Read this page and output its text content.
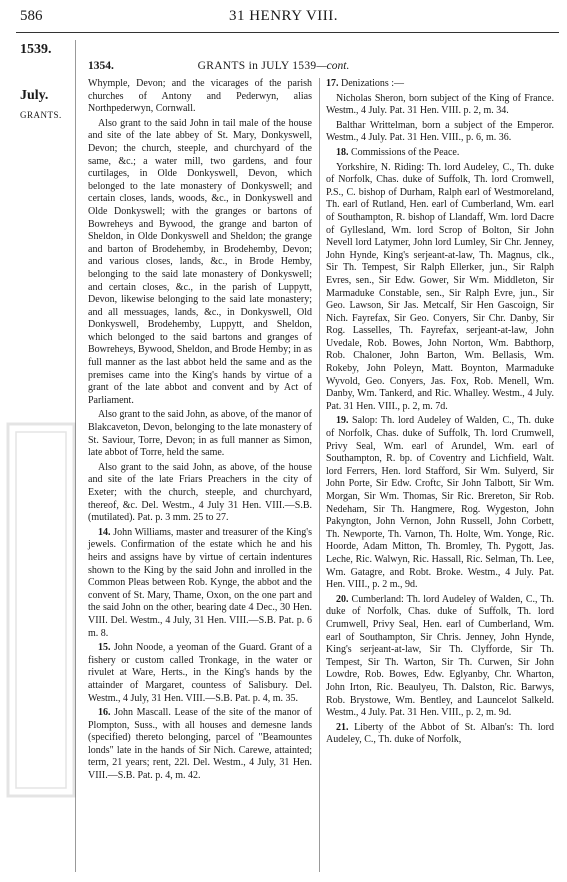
586	31 HENRY VIII.
1539.
July.
GRANTS.
1354.	GRANTS in JULY 1539—cont.

Whymple, Devon; and the vicarages of the parish churches of Antony and Pederwyn, alias Northpederwyn, Cornwall.

Also grant to the said John in tail male of the house and site of the late abbey of St. Mary, Donkyswell, Devon; the church, steeple, and churchyard of the same, &c.; a water mill, two gardens, and four curtilages, in Olde Donkyswell, Devon, which belonged to the late monastery of Donkyswell; and certain closes, lands, woods, &c., in Donkyswell and Olde Donkyswell; with the granges or bartons of Bowreheys and Bywood, the grange and barton of Sheldon, in Olde Donkyswell and Sheldon; the grange and barton of Brodehemby, in Brodehemby, Devon; and various closes, lands, &c., in Brode Hemby, belonging to the said late monastery of Donkyswell; and certain closes, &c., in the parish of Luppytt, Devon, likewise belonging to the said late monastery; and all messuages, lands, &c., in Donkyswell, Old Donkyswell, Brodehemby, Luppytt, and Sheldon, which belonged to the said bartons and granges of Bowreheys, Bywood, Sheldon, and Brode Hemby; in as full manner as the last abbot held the same and as the premises came into the King's hands by virtue of a grant of the late abbot and convent and by Act of Parliament.

Also grant to the said John, as above, of the manor of Blakcaveton, Devon, belonging to the late monastery of St. Saviour, Torre, Devon; in as full manner as Simon, late abbot of Torre, held the same.

Also grant to the said John, as above, of the house and site of the late Friars Preachers in the city of Exeter; with the church, steeple, and churchyard, thereof, &c. Del. Westm., 4 July 31 Hen. VIII.—S.B. (mutilated). Pat. p. 3 mm. 25 to 27.

14. John Williams, master and treasurer of the King's jewels. Confirmation of the estate which he and his heirs and assigns have by virtue of certain indentures shown to the King by the said John and inrolled in the Common Pleas between Rob. Kynge, the abbot and the convent of St. Mary, Thame, Oxon, on the one part and the said John on the other, bearing date 4 Dec., 30 Hen. VIII. Del. Westm., 4 July, 31 Hen. VIII.—S.B. Pat. p. 6 m. 8.

15. John Noode, a yeoman of the Guard. Grant of a fishery or custom called Tronkage, in the water or rivulet at Ware, Herts., in the King's hands by the attainder of Margaret, countess of Salisbury. Del. Westm., 4 July, 31 Hen. VIII.—S.B. Pat. p. 4, m. 35.

16. John Mascall. Lease of the site of the manor of Plompton, Suss., with all houses and demesne lands (specified) thereto belonging, parcel of "Beamountes londs" late in the hands of Sir Nich. Carewe, attainted; term, 21 years; rent, 22l. Del. Westm., 4 July, 31 Hen. VIII.—S.B. Pat. p. 4, m. 42.

17. Denizations :—

Nicholas Sheron, born subject of the King of France. Westm., 4 July. Pat. 31 Hen. VIII. p. 2, m. 34.

Balthar Writtelman, born a subject of the Emperor. Westm., 4 July. Pat. 31 Hen. VIII., p. 6, m. 36.

18. Commissions of the Peace.

Yorkshire, N. Riding: Th. lord Audeley, C., Th. duke of Norfolk, Chas. duke of Suffolk, Th. lord Cromwell, P.S., C. bishop of Durham, Ralph earl of Westmoreland, Th. earl of Rutland, Hen. earl of Cumberland, Wm. earl of Southampton, R. bishop of Llandaff, Wm. lord Dacre of Gyllesland, Wm. lord Scrop of Bolton, Sir John Nevell lord Latymer, John lord Lumley, Sir Chr. Jenney, John Hynde, King's serjeant-at-law, Th. Magnus, clk., Sir Th. Tempest, Sir Ralph Ellerker, jun., Sir Ralph Evres, sen., Sir Edw. Gower, Sir Wm. Middleton, Sir Marmaduke Constable, sen., Sir Ralph Evre, jun., Sir Geo. Lawson, Sir Jas. Metcalf, Sir Hen Gascoign, Sir Nich. Fayrefax, Sir Geo. Conyers, Sir Chr. Danby, Sir Rog. Lasselles, Th. Fayrefax, serjeant-at-law, John Uvedale, Rob. Bowes, John Norton, Wm. Babthorp, Rob. Chaloner, John Barton, Wm. Bellasis, Wm. Rokeby, John Poleyn, Matt. Boynton, Marmaduke Wyvold, Geo. Conyers, Jas. Fox, Rob. Menell, Wm. Danby, Wm. Tankerd, and Ric. Whalley. Westm., 4 July. Pat. 31 Hen. VIII., p. 2, m. 7d.

19. Salop: Th. lord Audeley of Walden, C., Th. duke of Norfolk, Chas. duke of Suffolk, Th. lord Crumwell, Privy Seal, Wm. earl of Arundel, Wm. earl of Southampton, R. bp. of Coventry and Lichfield, Walt. lord Ferrers, Hen. lord Stafford, Sir Wm. Sulyerd, Sir John Porte, Sir Edw. Croftc, Sir John Talbott, Sir Wm. Morgan, Sir Wm. Thomas, Sir Ric. Brereton, Sir Rob. Nedeham, Sir Th. Hangmere, Rog. Wygeston, John Pakyngton, John Vernon, John Russell, John Corbett, Th. Newporte, Th. Varnon, Th. Holte, Wm. Yonge, Ric. Hoorde, Adam Mitton, Th. Bromley, Th. Pygott, Jas. Leche, Ric. Walwyn, Ric. Hassall, Ric. Selman, Th. Lee, Wm. Gatagre, and Robt. Broke. Westm., 4 July. Pat. Hen. VIII., p. 2 m., 9d.

20. Cumberland: Th. lord Audeley of Walden, C., Th. duke of Norfolk, Chas. duke of Suffolk, Th. lord Crumwell, Privy Seal, Hen. earl of Cumberland, Wm. earl of Southampton, Sir Chris. Jenney, John Hynde, King's serjeant-at-law, Sir Th. Clyfforde, Sir Th. Tempest, Sir Th. Warton, Sir Th. Curwen, Sir John Lowdre, Rob. Bowes, Edw. Eglyanby, Chr. Wharton, John Irton, Ric. Beaulyeu, Th. Dalston, Ric. Barwys, Rob. Brystowe, Wm. Bentley, and Launcelot Salkeld. Westm., 4 July. Pat. 31 Hen. VIII., p. 2, m. 9d.

21. Liberty of the Abbot of St. Alban's: Th. lord Audeley, C., Th. duke of Norfolk,
